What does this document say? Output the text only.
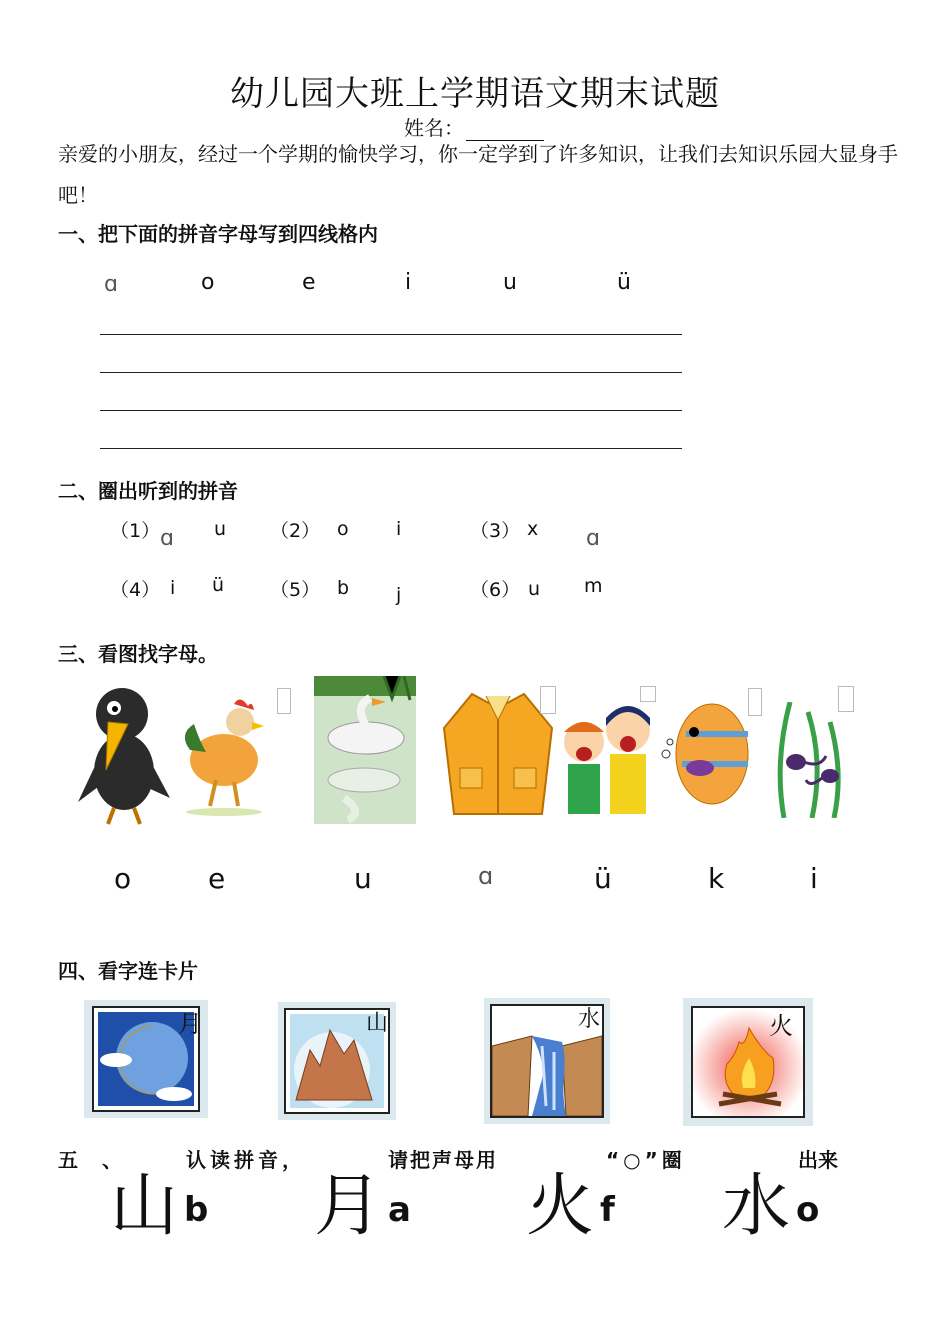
幼儿园大班上学期语文期末试题
姓名：
亲爱的小朋友，经过一个学期的愉快学习，你一定学到了许多知识，让我们去知识乐园大显身手吧！
一、把下面的拼音字母写到四线格内
ɑ	o	e	i	u	ü
二、圈出听到的拼音
（1） ɑ u （2） o i	（3） x ɑ
（4） i ü （5） b j	（6） u m
三、看图找字母。
o	e	u	ɑ	ü	k	i
四、看字连卡片
月	山	水	火
五 、	认读拼音，	请把声母用	“○”圈	出来
山 b 月 a 火 f 水 o
